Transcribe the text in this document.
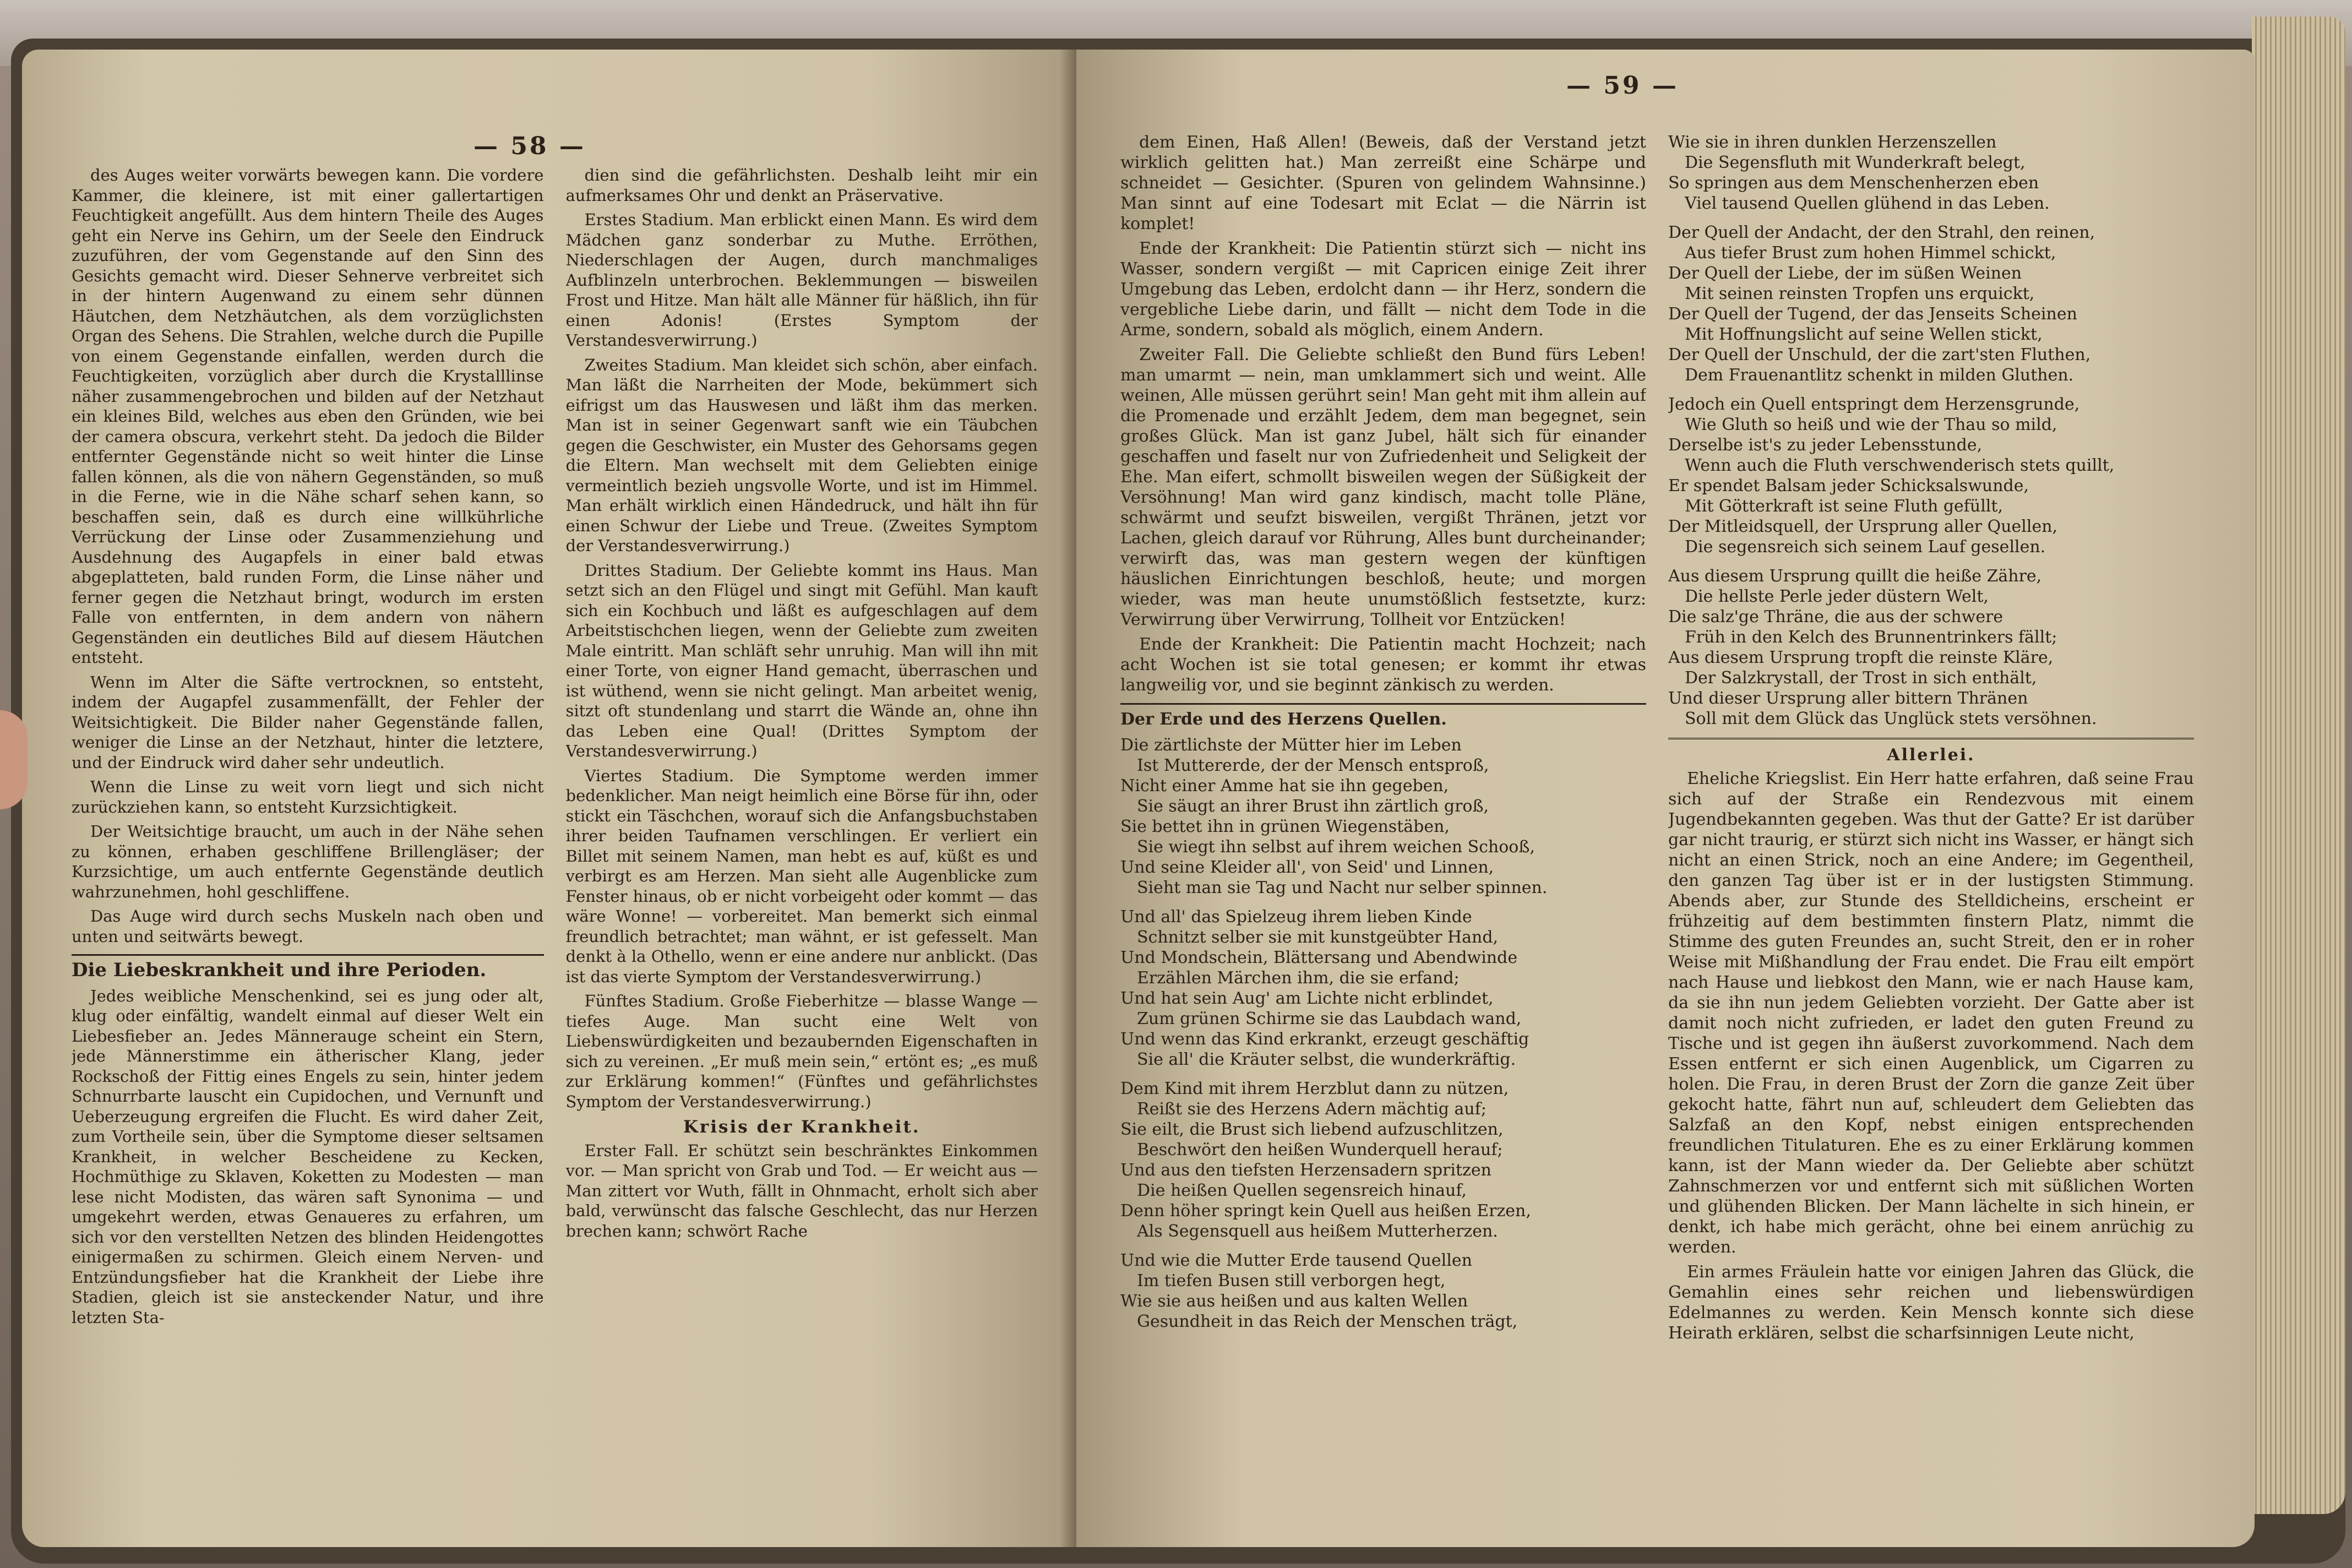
— 58 —

des Auges weiter vorwärts bewegen kann. Die vordere Kammer, die kleinere, ist mit einer gallertartigen Feuchtigkeit angefüllt. Aus dem hintern Theile des Auges geht ein Nerve ins Gehirn, um der Seele den Eindruck zuzuführen, der vom Gegenstande auf den Sinn des Gesichts gemacht wird. Dieser Sehnerve verbreitet sich in der hintern Augenwand zu einem sehr dünnen Häutchen, dem Netzhäutchen, als dem vorzüglichsten Organ des Sehens. Die Strahlen, welche durch die Pupille von einem Gegenstande einfallen, werden durch die Feuchtigkeiten, vorzüglich aber durch die Krystalllinse näher zusammengebrochen und bilden auf der Netzhaut ein kleines Bild, welches aus eben den Gründen, wie bei der camera obscura, verkehrt steht. Da jedoch die Bilder entfernter Gegenstände nicht so weit hinter die Linse fallen können, als die von nähern Gegenständen, so muß in die Ferne, wie in die Nähe scharf sehen kann, so beschaffen sein, daß es durch eine willkührliche Verrückung der Linse oder Zusammenziehung und Ausdehnung des Augapfels in einer bald etwas abgeplatteten, bald runden Form, die Linse näher und ferner gegen die Netzhaut bringt, wodurch im ersten Falle von entfernten, in dem andern von nähern Gegenständen ein deutliches Bild auf diesem Häutchen entsteht.

Wenn im Alter die Säfte vertrocknen, so entsteht, indem der Augapfel zusammenfällt, der Fehler der Weitsichtigkeit. Die Bilder naher Gegenstände fallen, weniger die Linse an der Netzhaut, hinter die letztere, und der Eindruck wird daher sehr undeutlich.

Wenn die Linse zu weit vorn liegt und sich nicht zurückziehen kann, so entsteht Kurzsichtigkeit.

Der Weitsichtige braucht, um auch in der Nähe sehen zu können, erhaben geschliffene Brillengläser; der Kurzsichtige, um auch entfernte Gegenstände deutlich wahrzunehmen, hohl geschliffene.

Das Auge wird durch sechs Muskeln nach oben und unten und seitwärts bewegt.

Die Liebeskrankheit und ihre Perioden.

Jedes weibliche Menschenkind, sei es jung oder alt, klug oder einfältig, wandelt einmal auf dieser Welt ein Liebesfieber an. Jedes Männerauge scheint ein Stern, jede Männerstimme ein ätherischer Klang, jeder Rockschoß der Fittig eines Engels zu sein, hinter jedem Schnurrbarte lauscht ein Cupidochen, und Vernunft und Ueberzeugung ergreifen die Flucht. Es wird daher Zeit, zum Vortheile sein, über die Symptome dieser seltsamen Krankheit, in welcher Bescheidene zu Kecken, Hochmüthige zu Sklaven, Koketten zu Modesten — man lese nicht Modisten, das wären saft Synonima — und umgekehrt werden, etwas Genaueres zu erfahren, um sich vor den verstellten Netzen des blinden Heidengottes einigermaßen zu schirmen. Gleich einem Nerven- und Entzündungsfieber hat die Krankheit der Liebe ihre Stadien, gleich ist sie ansteckender Natur, und ihre letzten Sta-

dien sind die gefährlichsten. Deshalb leiht mir ein aufmerksames Ohr und denkt an Präservative.

Erstes Stadium. Man erblickt einen Mann. Es wird dem Mädchen ganz sonderbar zu Muthe. Erröthen, Niederschlagen der Augen, durch manchmaliges Aufblinzeln unterbrochen. Beklemmungen — bisweilen Frost und Hitze. Man hält alle Männer für häßlich, ihn für einen Adonis! (Erstes Symptom der Verstandesverwirrung.)

Zweites Stadium. Man kleidet sich schön, aber einfach. Man läßt die Narrheiten der Mode, bekümmert sich eifrigst um das Hauswesen und läßt ihm das merken. Man ist in seiner Gegenwart sanft wie ein Täubchen gegen die Geschwister, ein Muster des Gehorsams gegen die Eltern. Man wechselt mit dem Geliebten einige vermeintlich bezieh ungsvolle Worte, und ist im Himmel. Man erhält wirklich einen Händedruck, und hält ihn für einen Schwur der Liebe und Treue. (Zweites Symptom der Verstandesverwirrung.)

Drittes Stadium. Der Geliebte kommt ins Haus. Man setzt sich an den Flügel und singt mit Gefühl. Man kauft sich ein Kochbuch und läßt es aufgeschlagen auf dem Arbeitstischchen liegen, wenn der Geliebte zum zweiten Male eintritt. Man schläft sehr unruhig. Man will ihn mit einer Torte, von eigner Hand gemacht, überraschen und ist wüthend, wenn sie nicht gelingt. Man arbeitet wenig, sitzt oft stundenlang und starrt die Wände an, ohne ihn das Leben eine Qual! (Drittes Symptom der Verstandesverwirrung.)

Viertes Stadium. Die Symptome werden immer bedenklicher. Man neigt heimlich eine Börse für ihn, oder stickt ein Täschchen, worauf sich die Anfangsbuchstaben ihrer beiden Taufnamen verschlingen. Er verliert ein Billet mit seinem Namen, man hebt es auf, küßt es und verbirgt es am Herzen. Man sieht alle Augenblicke zum Fenster hinaus, ob er nicht vorbeigeht oder kommt — das wäre Wonne! — vorbereitet. Man bemerkt sich einmal freundlich betrachtet; man wähnt, er ist gefesselt. Man denkt à la Othello, wenn er eine andere nur anblickt. (Das ist das vierte Symptom der Verstandesverwirrung.)

Fünftes Stadium. Große Fieberhitze — blasse Wange — tiefes Auge. Man sucht eine Welt von Liebenswürdigkeiten und bezaubernden Eigenschaften in sich zu vereinen. „Er muß mein sein,“ ertönt es; „es muß zur Erklärung kommen!“ (Fünftes und gefährlichstes Symptom der Verstandesverwirrung.)

Krisis der Krankheit.

Erster Fall. Er schützt sein beschränktes Einkommen vor. — Man spricht von Grab und Tod. — Er weicht aus — Man zittert vor Wuth, fällt in Ohnmacht, erholt sich aber bald, verwünscht das falsche Geschlecht, das nur Herzen brechen kann; schwört Rache

— 59 —

dem Einen, Haß Allen! (Beweis, daß der Verstand jetzt wirklich gelitten hat.) Man zerreißt eine Schärpe und schneidet — Gesichter. (Spuren von gelindem Wahnsinne.) Man sinnt auf eine Todesart mit Eclat — die Närrin ist komplet!

Ende der Krankheit: Die Patientin stürzt sich — nicht ins Wasser, sondern vergißt — mit Capricen einige Zeit ihrer Umgebung das Leben, erdolcht dann — ihr Herz, sondern die vergebliche Liebe darin, und fällt — nicht dem Tode in die Arme, sondern, sobald als möglich, einem Andern.

Zweiter Fall. Die Geliebte schließt den Bund fürs Leben! man umarmt — nein, man umklammert sich und weint. Alle weinen, Alle müssen gerührt sein! Man geht mit ihm allein auf die Promenade und erzählt Jedem, dem man begegnet, sein großes Glück. Man ist ganz Jubel, hält sich für einander geschaffen und faselt nur von Zufriedenheit und Seligkeit der Ehe. Man eifert, schmollt bisweilen wegen der Süßigkeit der Versöhnung! Man wird ganz kindisch, macht tolle Pläne, schwärmt und seufzt bisweilen, vergißt Thränen, jetzt vor Lachen, gleich darauf vor Rührung, Alles bunt durcheinander; verwirft das, was man gestern wegen der künftigen häuslichen Einrichtungen beschloß, heute; und morgen wieder, was man heute unumstößlich festsetzte, kurz: Verwirrung über Verwirrung, Tollheit vor Entzücken!

Ende der Krankheit: Die Patientin macht Hochzeit; nach acht Wochen ist sie total genesen; er kommt ihr etwas langweilig vor, und sie beginnt zänkisch zu werden.

Der Erde und des Herzens Quellen.

Die zärtlichste der Mütter hier im Leben

Ist Muttererde, der der Mensch entsproß,

Nicht einer Amme hat sie ihn gegeben,

Sie säugt an ihrer Brust ihn zärtlich groß,

Sie bettet ihn in grünen Wiegenstäben,

Sie wiegt ihn selbst auf ihrem weichen Schooß,

Und seine Kleider all', von Seid' und Linnen,

Sieht man sie Tag und Nacht nur selber spinnen.

Und all' das Spielzeug ihrem lieben Kinde

Schnitzt selber sie mit kunstgeübter Hand,

Und Mondschein, Blättersang und Abendwinde

Erzählen Märchen ihm, die sie erfand;

Und hat sein Aug' am Lichte nicht erblindet,

Zum grünen Schirme sie das Laubdach wand,

Und wenn das Kind erkrankt, erzeugt geschäftig

Sie all' die Kräuter selbst, die wunderkräftig.

Dem Kind mit ihrem Herzblut dann zu nützen,

Reißt sie des Herzens Adern mächtig auf;

Sie eilt, die Brust sich liebend aufzuschlitzen,

Beschwört den heißen Wunderquell herauf;

Und aus den tiefsten Herzensadern spritzen

Die heißen Quellen segensreich hinauf,

Denn höher springt kein Quell aus heißen Erzen,

Als Segensquell aus heißem Mutterherzen.

Und wie die Mutter Erde tausend Quellen

Im tiefen Busen still verborgen hegt,

Wie sie aus heißen und aus kalten Wellen

Gesundheit in das Reich der Menschen trägt,

Wie sie in ihren dunklen Herzenszellen

Die Segensfluth mit Wunderkraft belegt,

So springen aus dem Menschenherzen eben

Viel tausend Quellen glühend in das Leben.

Der Quell der Andacht, der den Strahl, den reinen,

Aus tiefer Brust zum hohen Himmel schickt,

Der Quell der Liebe, der im süßen Weinen

Mit seinen reinsten Tropfen uns erquickt,

Der Quell der Tugend, der das Jenseits Scheinen

Mit Hoffnungslicht auf seine Wellen stickt,

Der Quell der Unschuld, der die zart'sten Fluthen,

Dem Frauenantlitz schenkt in milden Gluthen.

Jedoch ein Quell entspringt dem Herzensgrunde,

Wie Gluth so heiß und wie der Thau so mild,

Derselbe ist's zu jeder Lebensstunde,

Wenn auch die Fluth verschwenderisch stets quillt,

Er spendet Balsam jeder Schicksalswunde,

Mit Götterkraft ist seine Fluth gefüllt,

Der Mitleidsquell, der Ursprung aller Quellen,

Die segensreich sich seinem Lauf gesellen.

Aus diesem Ursprung quillt die heiße Zähre,

Die hellste Perle jeder düstern Welt,

Die salz'ge Thräne, die aus der schwere

Früh in den Kelch des Brunnentrinkers fällt;

Aus diesem Ursprung tropft die reinste Kläre,

Der Salzkrystall, der Trost in sich enthält,

Und dieser Ursprung aller bittern Thränen

Soll mit dem Glück das Unglück stets versöhnen.

Allerlei.

Eheliche Kriegslist. Ein Herr hatte erfahren, daß seine Frau sich auf der Straße ein Rendezvous mit einem Jugendbekannten gegeben. Was thut der Gatte? Er ist darüber gar nicht traurig, er stürzt sich nicht ins Wasser, er hängt sich nicht an einen Strick, noch an eine Andere; im Gegentheil, den ganzen Tag über ist er in der lustigsten Stimmung. Abends aber, zur Stunde des Stelldicheins, erscheint er frühzeitig auf dem bestimmten finstern Platz, nimmt die Stimme des guten Freundes an, sucht Streit, den er in roher Weise mit Mißhandlung der Frau endet. Die Frau eilt empört nach Hause und liebkost den Mann, wie er nach Hause kam, da sie ihn nun jedem Geliebten vorzieht. Der Gatte aber ist damit noch nicht zufrieden, er ladet den guten Freund zu Tische und ist gegen ihn äußerst zuvorkommend. Nach dem Essen entfernt er sich einen Augenblick, um Cigarren zu holen. Die Frau, in deren Brust der Zorn die ganze Zeit über gekocht hatte, fährt nun auf, schleudert dem Geliebten das Salzfaß an den Kopf, nebst einigen entsprechenden freundlichen Titulaturen. Ehe es zu einer Erklärung kommen kann, ist der Mann wieder da. Der Geliebte aber schützt Zahnschmerzen vor und entfernt sich mit süßlichen Worten und glühenden Blicken. Der Mann lächelte in sich hinein, er denkt, ich habe mich gerächt, ohne bei einem anrüchig zu werden.

Ein armes Fräulein hatte vor einigen Jahren das Glück, die Gemahlin eines sehr reichen und liebenswürdigen Edelmannes zu werden. Kein Mensch konnte sich diese Heirath erklären, selbst die scharfsinnigen Leute nicht,
